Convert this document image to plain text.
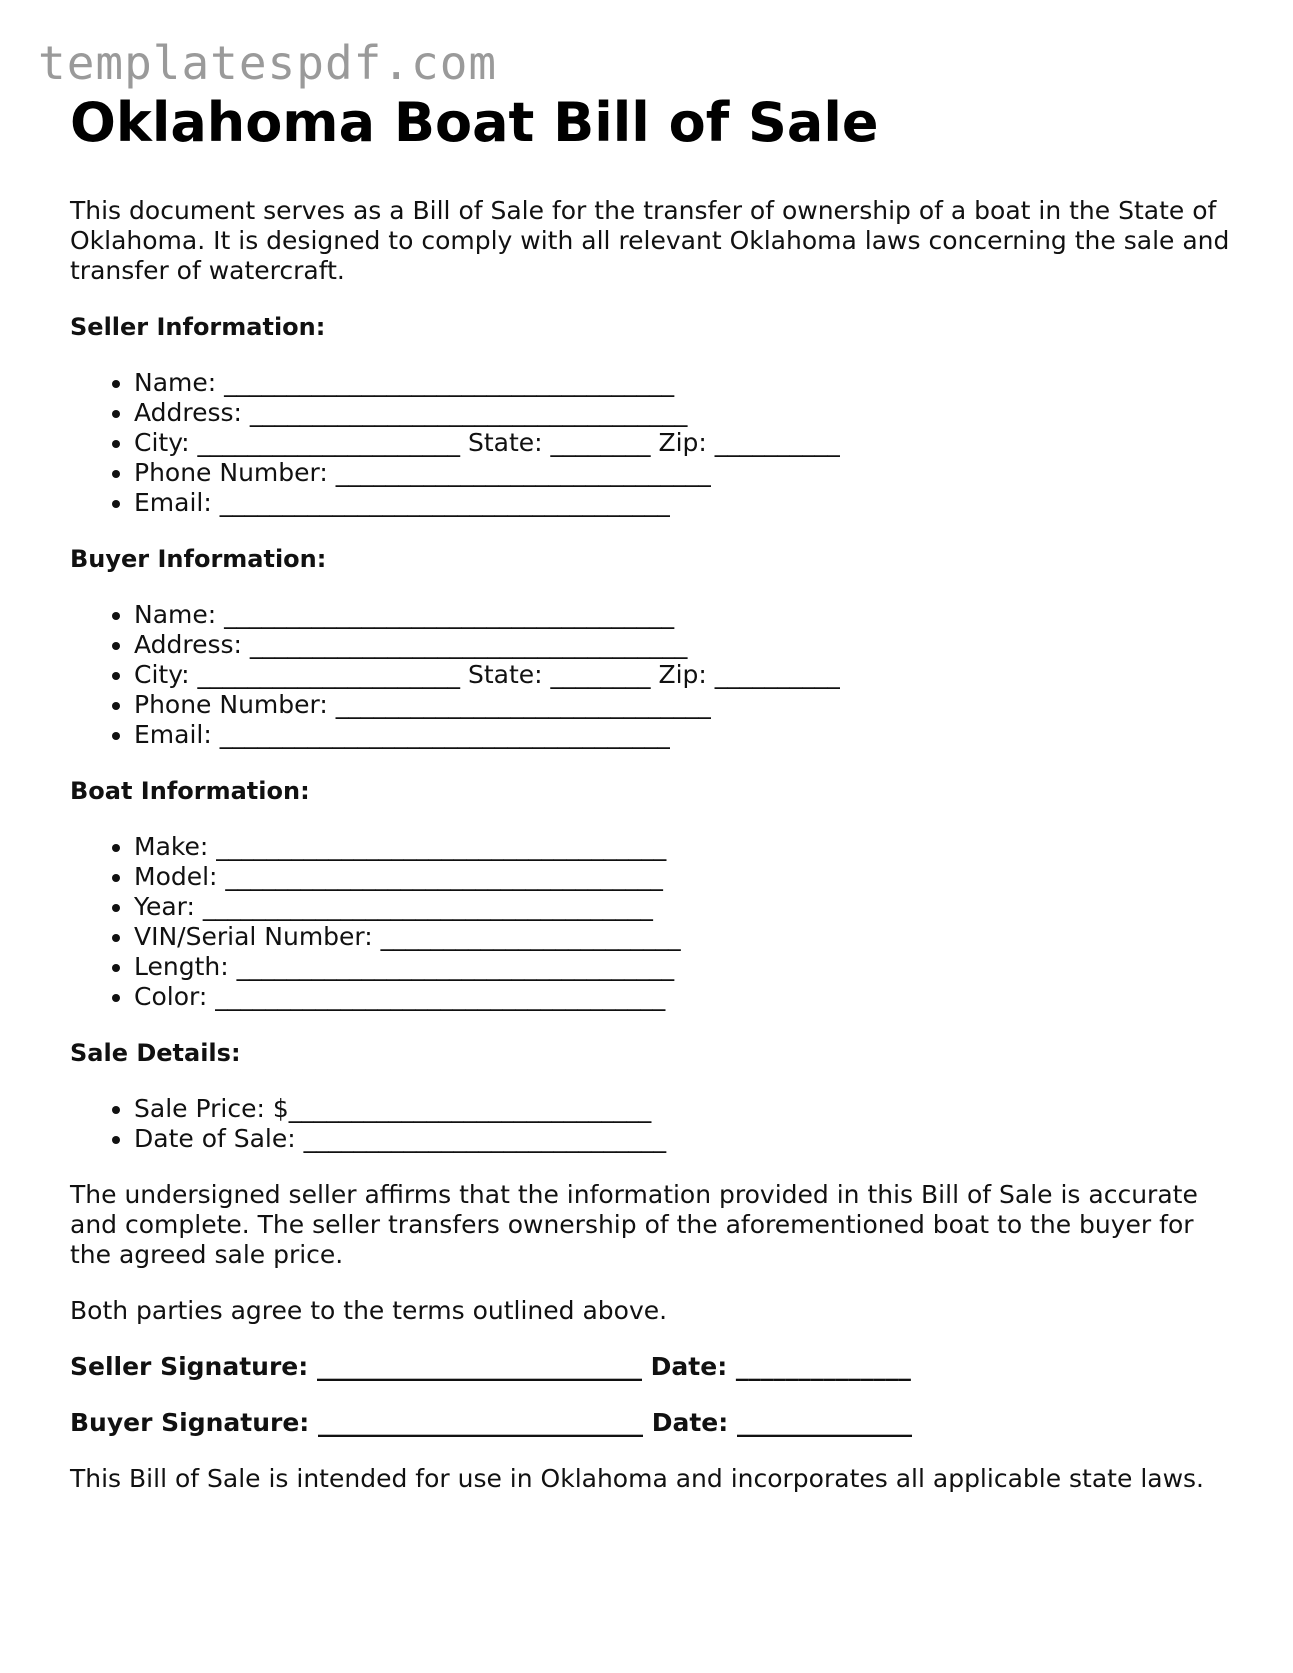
templatespdf.com
Oklahoma Boat Bill of Sale

This document serves as a Bill of Sale for the transfer of ownership of a boat in the State of Oklahoma. It is designed to comply with all relevant Oklahoma laws concerning the sale and transfer of watercraft.

Seller Information:
• Name: ____________________________________
• Address: ___________________________________
• City: _____________________ State: ________ Zip: __________
• Phone Number: ______________________________
• Email: ____________________________________
Buyer Information:
• Name: ____________________________________
• Address: ___________________________________
• City: _____________________ State: ________ Zip: __________
• Phone Number: ______________________________
• Email: ____________________________________
Boat Information:
• Make: ____________________________________
• Model: ___________________________________
• Year: ____________________________________
• VIN/Serial Number: ________________________
• Length: ___________________________________
• Color: ____________________________________
Sale Details:
• Sale Price: $_____________________________
• Date of Sale: _____________________________

The undersigned seller affirms that the information provided in this Bill of Sale is accurate and complete. The seller transfers ownership of the aforementioned boat to the buyer for the agreed sale price.

Both parties agree to the terms outlined above.

Seller Signature: __________________________ Date: ______________

Buyer Signature: __________________________ Date: ______________

This Bill of Sale is intended for use in Oklahoma and incorporates all applicable state laws.
